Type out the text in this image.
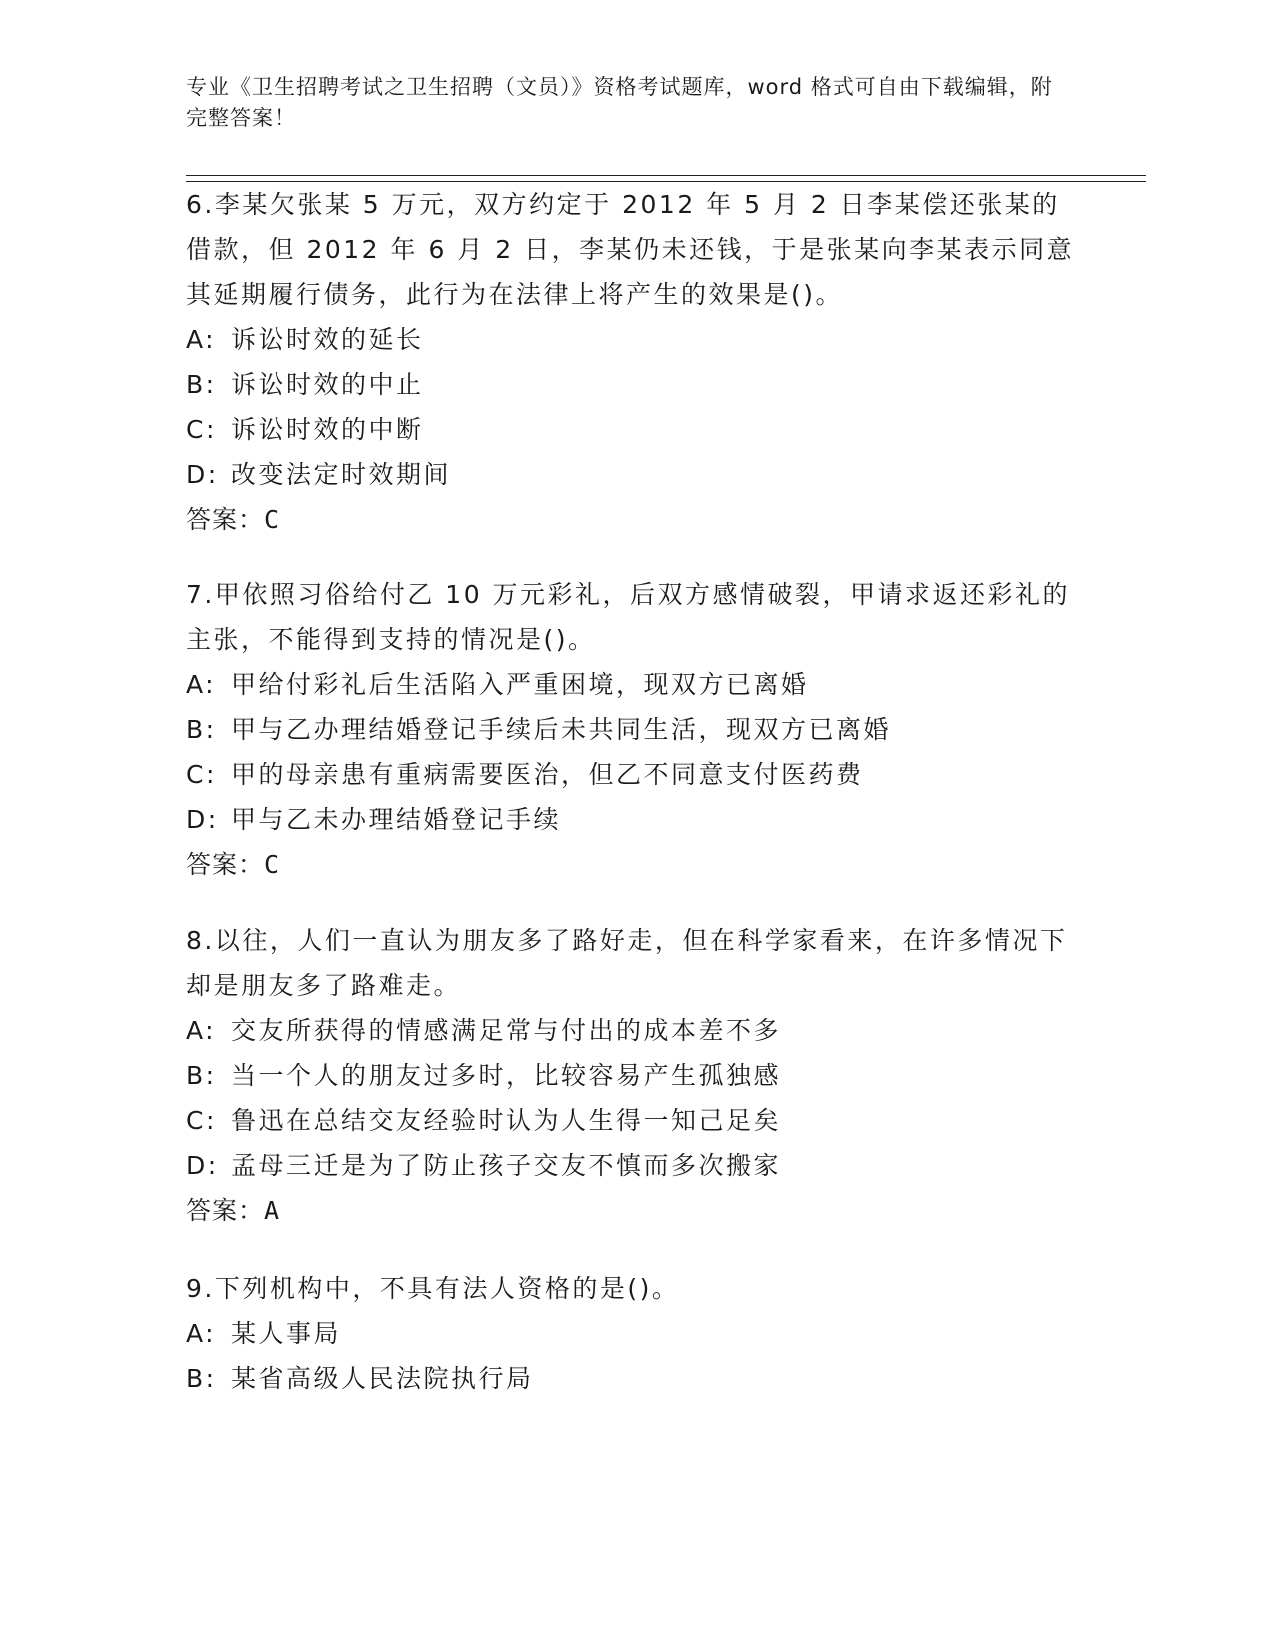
专业《卫生招聘考试之卫生招聘（文员）》资格考试题库，word 格式可自由下载编辑，附完整答案！

6.李某欠张某 5 万元，双方约定于 2012 年 5 月 2 日李某偿还张某的借款，但 2012 年 6 月 2 日，李某仍未还钱，于是张某向李某表示同意其延期履行债务，此行为在法律上将产生的效果是()。

A: 诉讼时效的延长

B: 诉讼时效的中止

C: 诉讼时效的中断

D: 改变法定时效期间

答案：C

7.甲依照习俗给付乙 10 万元彩礼，后双方感情破裂，甲请求返还彩礼的主张，不能得到支持的情况是()。

A: 甲给付彩礼后生活陷入严重困境，现双方已离婚

B: 甲与乙办理结婚登记手续后未共同生活，现双方已离婚

C: 甲的母亲患有重病需要医治，但乙不同意支付医药费

D: 甲与乙未办理结婚登记手续

答案：C

8.以往，人们一直认为朋友多了路好走，但在科学家看来，在许多情况下却是朋友多了路难走。

A: 交友所获得的情感满足常与付出的成本差不多

B: 当一个人的朋友过多时，比较容易产生孤独感

C: 鲁迅在总结交友经验时认为人生得一知己足矣

D: 孟母三迁是为了防止孩子交友不慎而多次搬家

答案：A

9.下列机构中，不具有法人资格的是()。

A: 某人事局

B: 某省高级人民法院执行局
